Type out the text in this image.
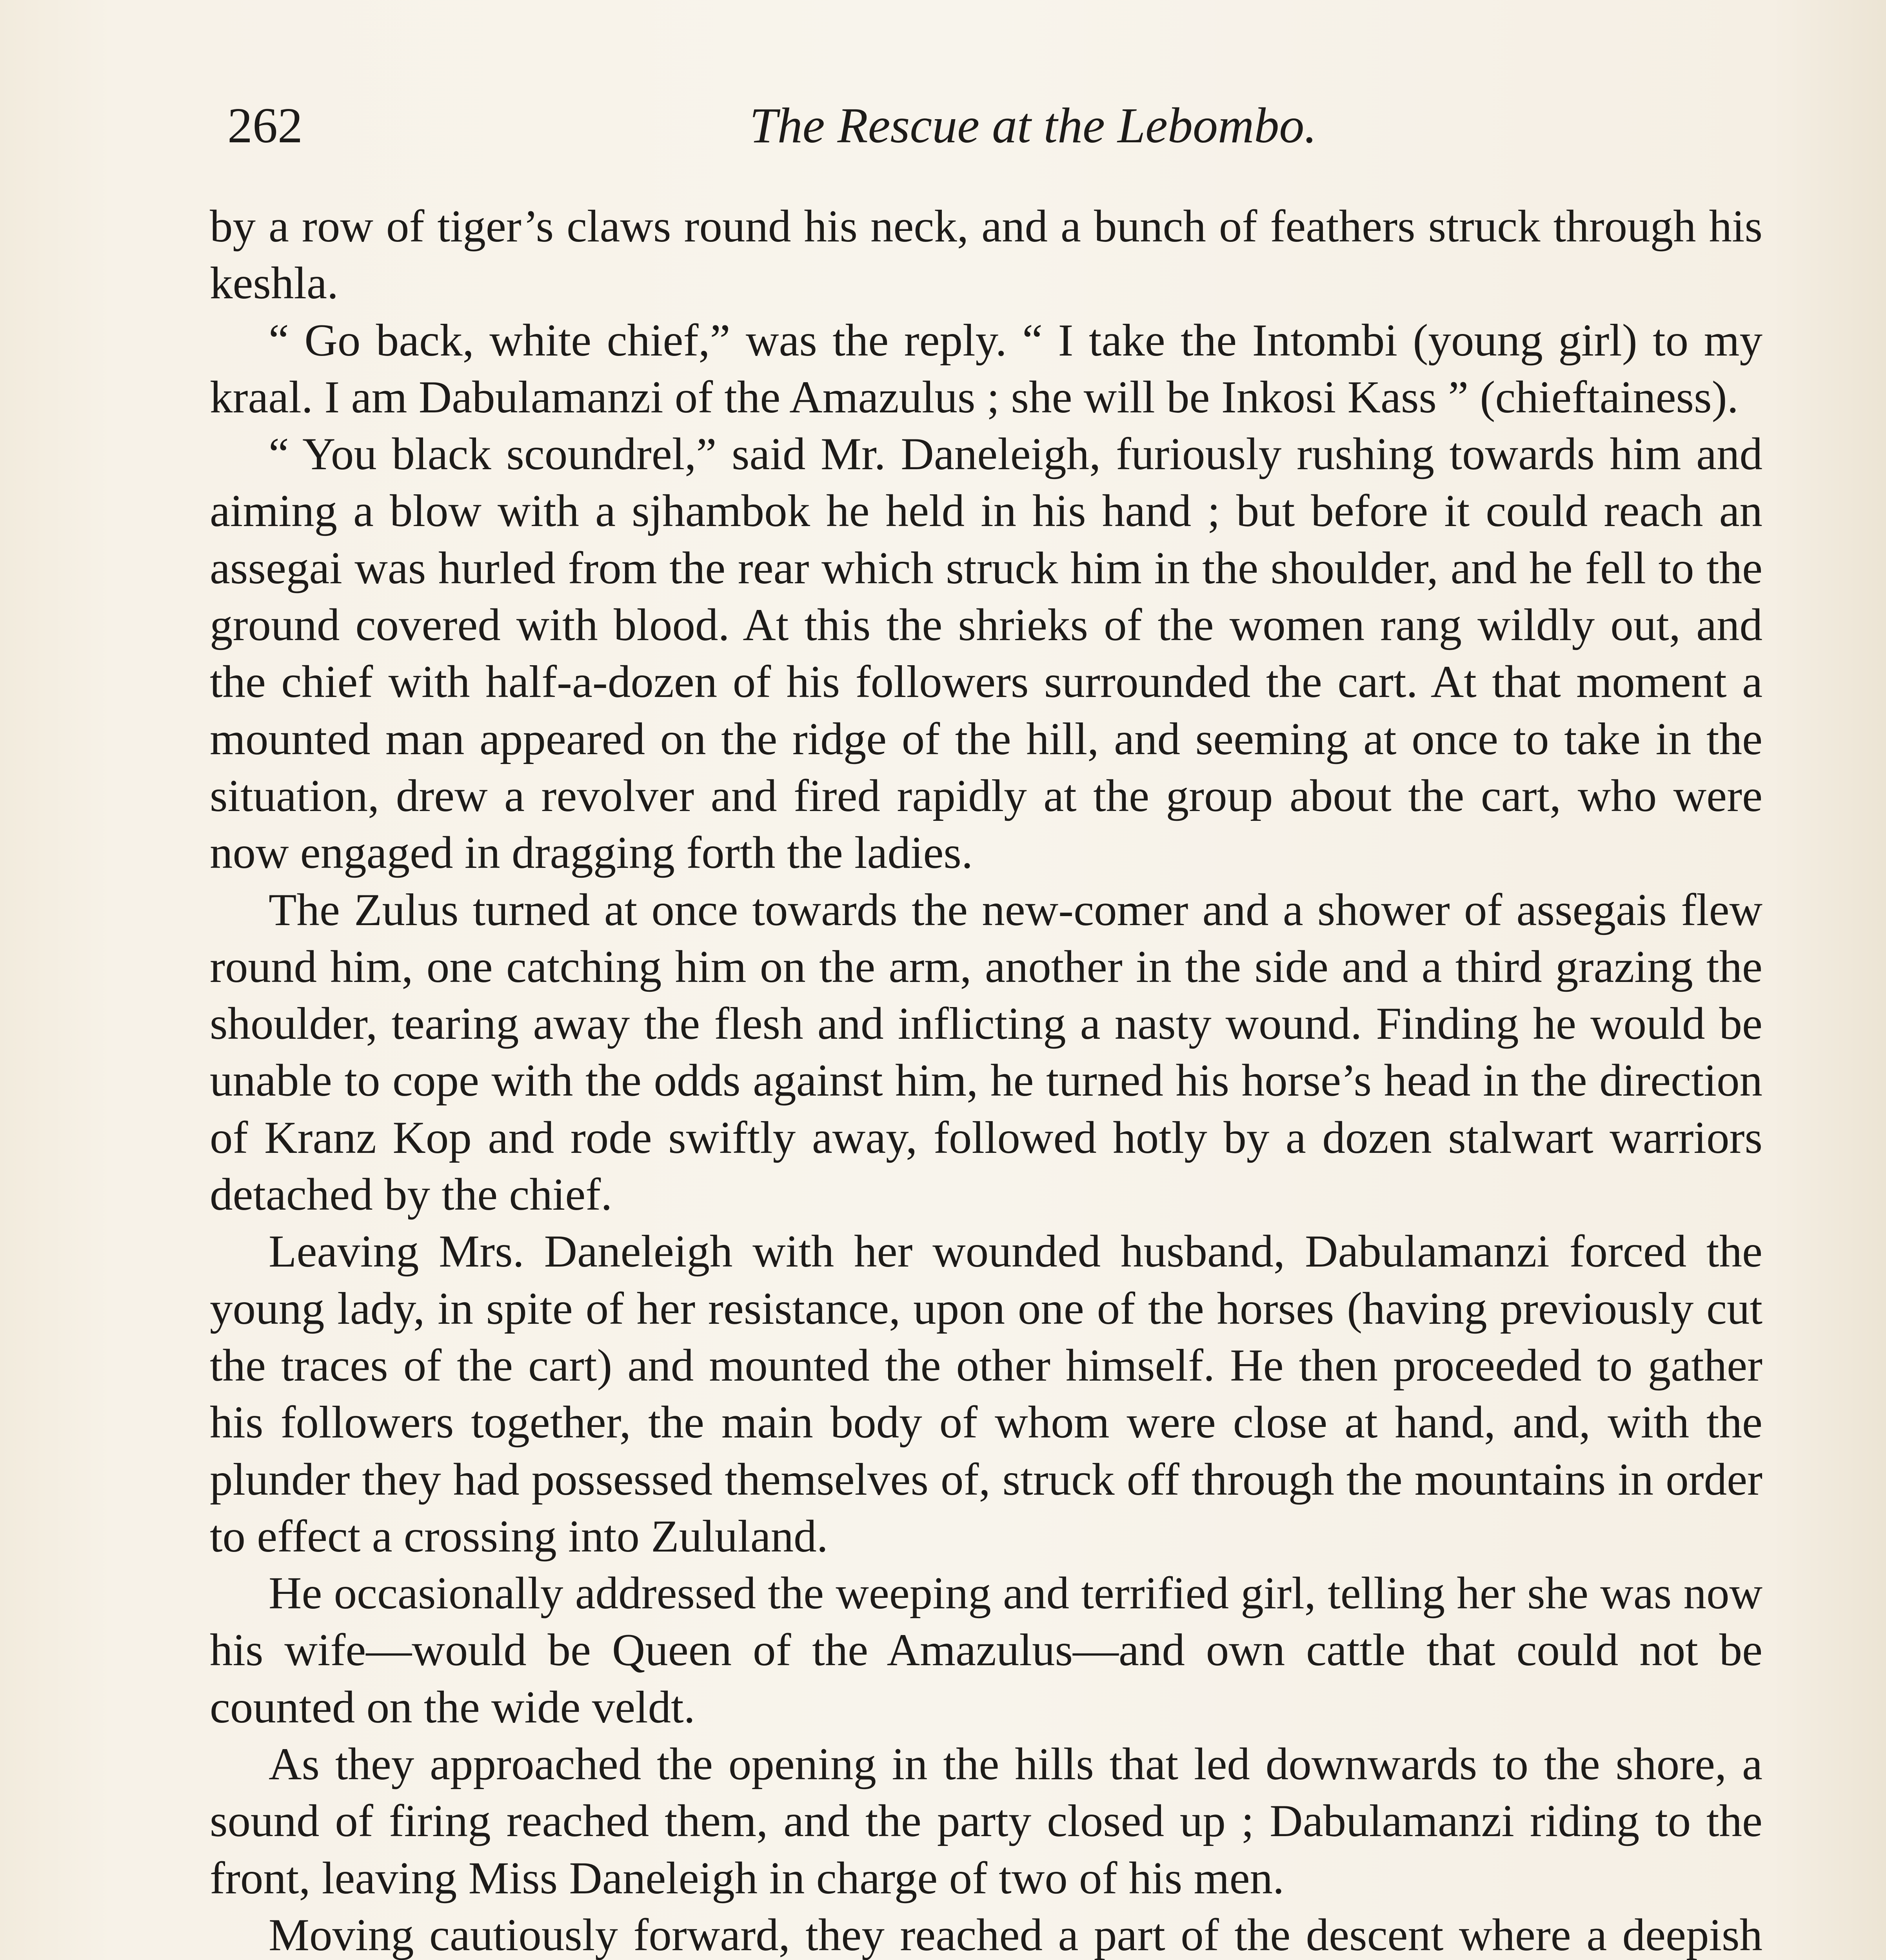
262	The Rescue at the Lebombo.

by a row of tiger’s claws round his neck, and a bunch of feathers struck through his keshla.

“ Go back, white chief,” was the reply. “ I take the Intombi (young girl) to my kraal. I am Dabulamanzi of the Amazulus ; she will be Inkosi Kass ” (chieftainess).

“ You black scoundrel,” said Mr. Daneleigh, furiously rushing towards him and aiming a blow with a sjhambok he held in his hand ; but before it could reach an assegai was hurled from the rear which struck him in the shoulder, and he fell to the ground covered with blood. At this the shrieks of the women rang wildly out, and the chief with half-a-dozen of his followers surrounded the cart. At that moment a mounted man appeared on the ridge of the hill, and seeming at once to take in the situation, drew a revolver and fired rapidly at the group about the cart, who were now engaged in dragging forth the ladies.

The Zulus turned at once towards the new-comer and a shower of assegais flew round him, one catching him on the arm, another in the side and a third grazing the shoulder, tearing away the flesh and inflicting a nasty wound. Finding he would be unable to cope with the odds against him, he turned his horse’s head in the direction of Kranz Kop and rode swiftly away, followed hotly by a dozen stalwart warriors detached by the chief.

Leaving Mrs. Daneleigh with her wounded husband, Dabulamanzi forced the young lady, in spite of her resistance, upon one of the horses (having previously cut the traces of the cart) and mounted the other himself. He then proceeded to gather his followers together, the main body of whom were close at hand, and, with the plunder they had possessed themselves of, struck off through the mountains in order to effect a crossing into Zululand.

He occasionally addressed the weeping and terrified girl, telling her she was now his wife—would be Queen of the Amazulus—and own cattle that could not be counted on the wide veldt.

As they approached the opening in the hills that led downwards to the shore, a sound of firing reached them, and the party closed up ; Dabulamanzi riding to the front, leaving Miss Daneleigh in charge of two of his men.

Moving cautiously forward, they reached a part of the descent where a deepish
